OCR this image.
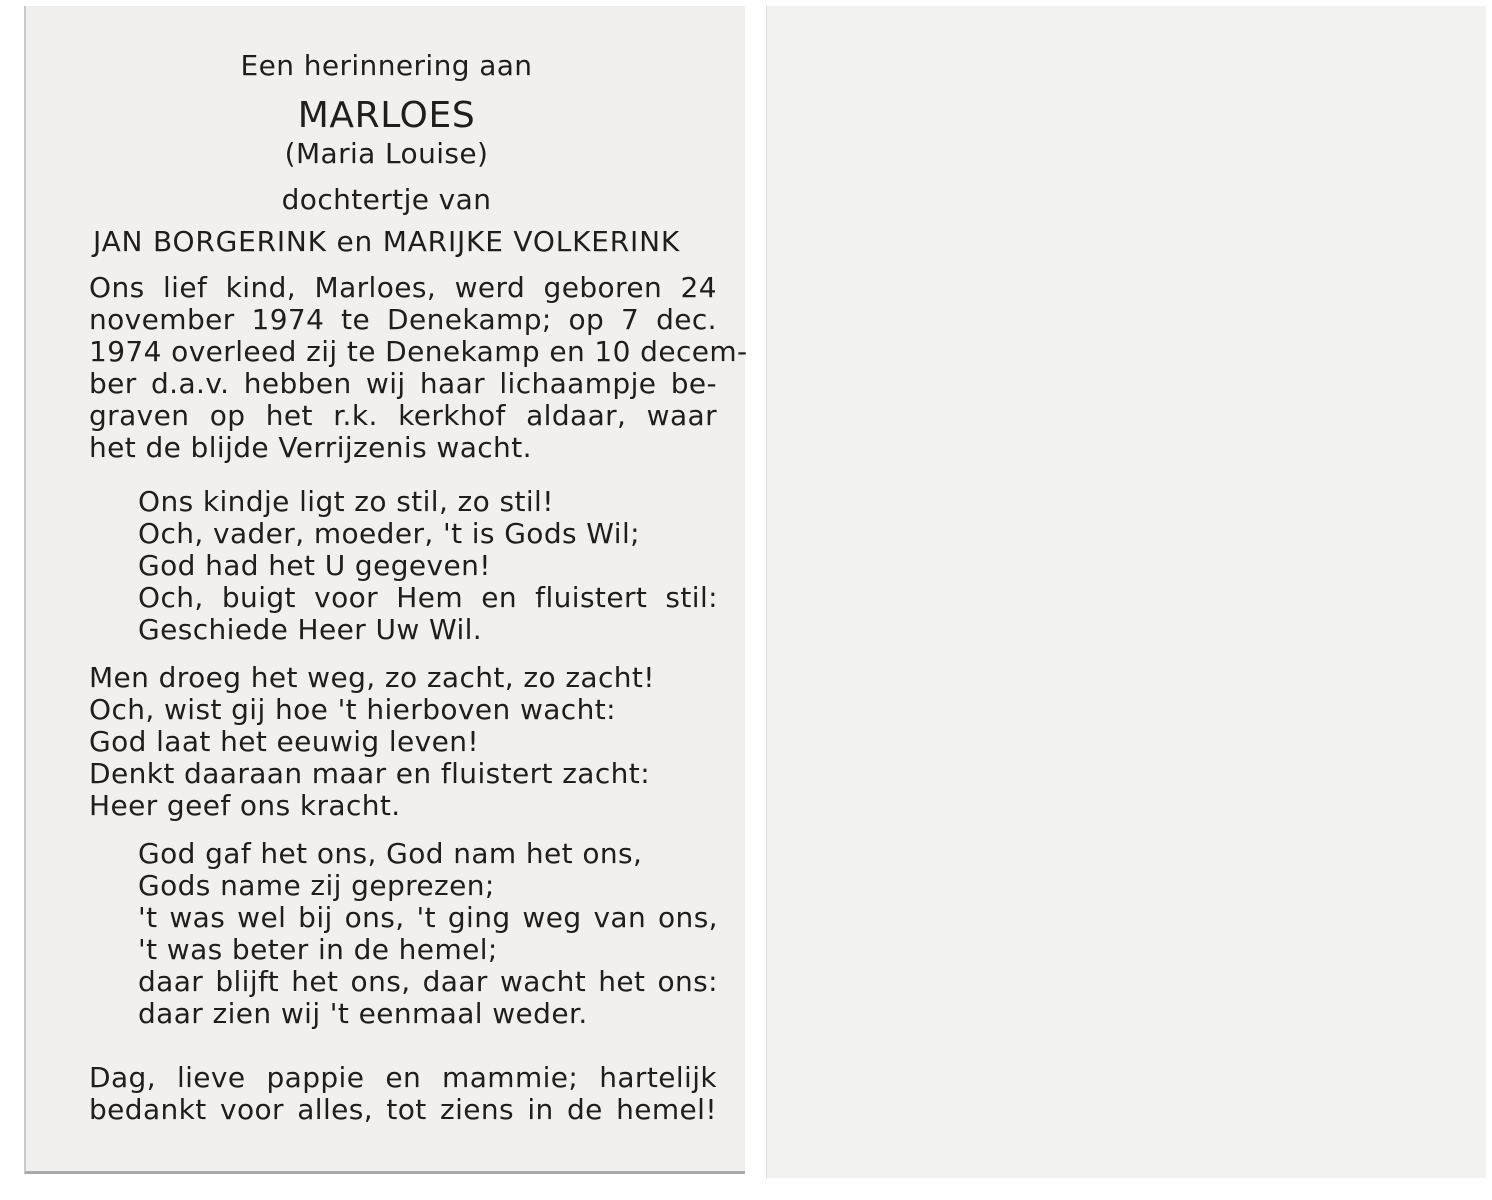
Een herinnering aan
MARLOES
(Maria Louise)
dochtertje van
JAN BORGERINK en MARIJKE VOLKERINK
Ons lief kind, Marloes, werd geboren 24
november 1974 te Denekamp; op 7 dec.
1974 overleed zij te Denekamp en 10 decem-
ber d.a.v. hebben wij haar lichaampje be-
graven op het r.k. kerkhof aldaar, waar
het de blijde Verrijzenis wacht.
Ons kindje ligt zo stil, zo stil!
Och, vader, moeder, 't is Gods Wil;
God had het U gegeven!
Och, buigt voor Hem en fluistert stil:
Geschiede Heer Uw Wil.
Men droeg het weg, zo zacht, zo zacht!
Och, wist gij hoe 't hierboven wacht:
God laat het eeuwig leven!
Denkt daaraan maar en fluistert zacht:
Heer geef ons kracht.
God gaf het ons, God nam het ons,
Gods name zij geprezen;
't was wel bij ons, 't ging weg van ons,
't was beter in de hemel;
daar blijft het ons, daar wacht het ons:
daar zien wij 't eenmaal weder.
Dag, lieve pappie en mammie; hartelijk
bedankt voor alles, tot ziens in de hemel!
